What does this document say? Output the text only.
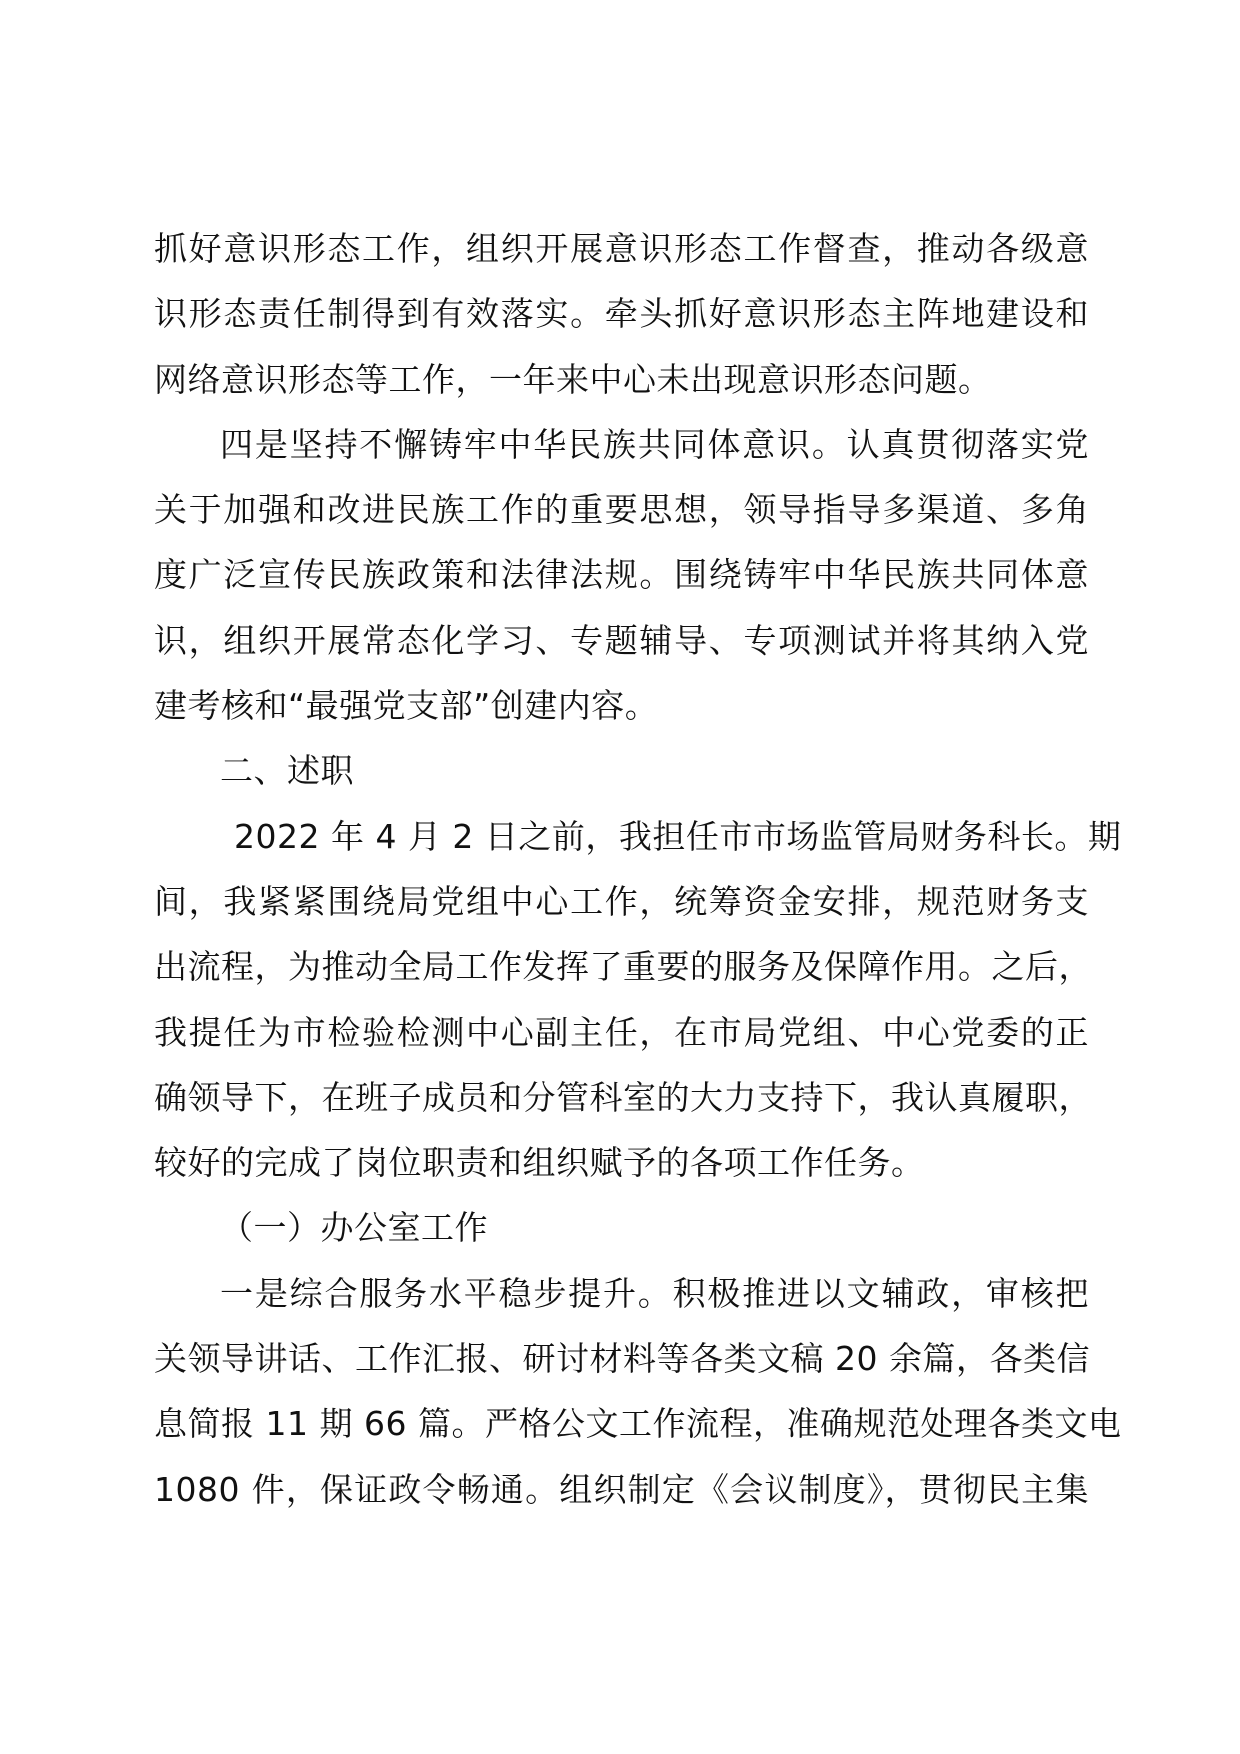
抓好意识形态工作，组织开展意识形态工作督查，推动各级意
识形态责任制得到有效落实。牵头抓好意识形态主阵地建设和
网络意识形态等工作，一年来中心未出现意识形态问题。
四是坚持不懈铸牢中华民族共同体意识。认真贯彻落实党
关于加强和改进民族工作的重要思想，领导指导多渠道、多角
度广泛宣传民族政策和法律法规。围绕铸牢中华民族共同体意
识，组织开展常态化学习、专题辅导、专项测试并将其纳入党
建考核和“最强党支部”创建内容。
二、述职
2022 年 4 月 2 日之前，我担任市市场监管局财务科长。期
间，我紧紧围绕局党组中心工作，统筹资金安排，规范财务支
出流程，为推动全局工作发挥了重要的服务及保障作用。之后，
我提任为市检验检测中心副主任，在市局党组、中心党委的正
确领导下，在班子成员和分管科室的大力支持下，我认真履职，
较好的完成了岗位职责和组织赋予的各项工作任务。
（一）办公室工作
一是综合服务水平稳步提升。积极推进以文辅政，审核把
关领导讲话、工作汇报、研讨材料等各类文稿 20 余篇，各类信
息简报 11 期 66 篇。严格公文工作流程，准确规范处理各类文电
1080 件，保证政令畅通。组织制定《会议制度》，贯彻民主集
